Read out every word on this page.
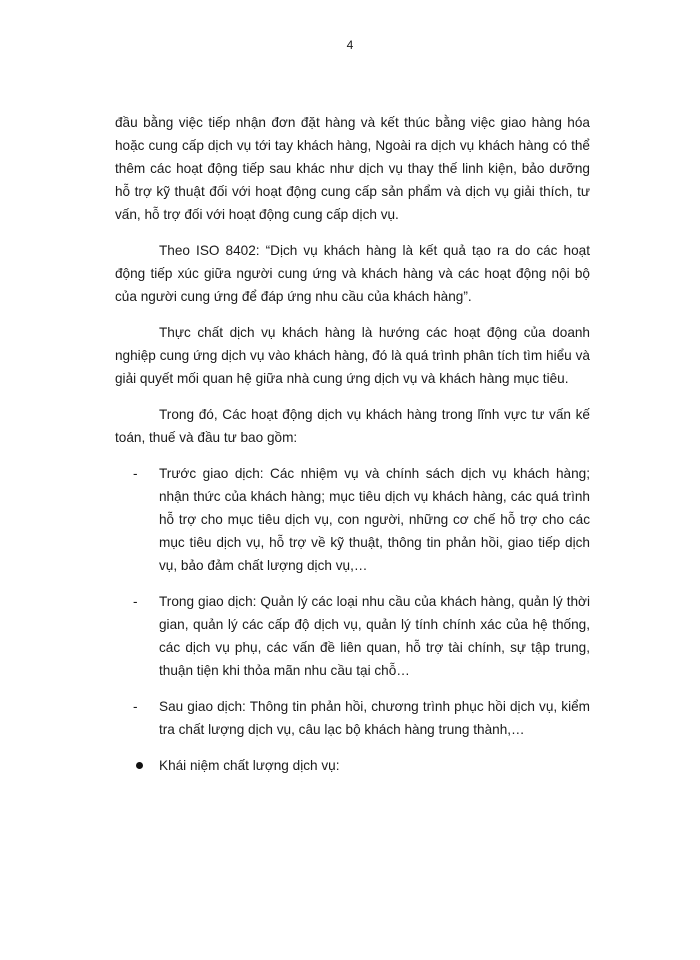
4

đầu bằng việc tiếp nhận đơn đặt hàng và kết thúc bằng việc giao hàng hóa hoặc cung cấp dịch vụ tới tay khách hàng, Ngoài ra dịch vụ khách hàng có thể thêm các hoạt động tiếp sau khác như dịch vụ thay thế linh kiện, bảo dưỡng hỗ trợ kỹ thuật đối với hoạt động cung cấp sản phẩm và dịch vụ giải thích, tư vấn, hỗ trợ đối với hoạt động cung cấp dịch vụ.

Theo ISO 8402: “Dịch vụ khách hàng là kết quả tạo ra do các hoạt động tiếp xúc giữa người cung ứng và khách hàng và các hoạt động nội bộ của người cung ứng để đáp ứng nhu cầu của khách hàng”.

Thực chất dịch vụ khách hàng là hướng các hoạt động của doanh nghiệp cung ứng dịch vụ vào khách hàng, đó là quá trình phân tích tìm hiểu và giải quyết mối quan hệ giữa nhà cung ứng dịch vụ và khách hàng mục tiêu.

Trong đó, Các hoạt động dịch vụ khách hàng trong lĩnh vực tư vấn kế toán, thuế và đầu tư bao gồm:

- Trước giao dịch: Các nhiệm vụ và chính sách dịch vụ khách hàng; nhận thức của khách hàng; mục tiêu dịch vụ khách hàng, các quá trình hỗ trợ cho mục tiêu dịch vụ, con người, những cơ chế hỗ trợ cho các mục tiêu dịch vụ, hỗ trợ về kỹ thuật, thông tin phản hồi, giao tiếp dịch vụ, bảo đảm chất lượng dịch vụ,…
- Trong giao dịch: Quản lý các loại nhu cầu của khách hàng, quản lý thời gian, quản lý các cấp độ dịch vụ, quản lý tính chính xác của hệ thống, các dịch vụ phụ, các vấn đề liên quan, hỗ trợ tài chính, sự tập trung, thuận tiện khi thỏa mãn nhu cầu tại chỗ…
- Sau giao dịch: Thông tin phản hồi, chương trình phục hồi dịch vụ, kiểm tra chất lượng dịch vụ, câu lạc bộ khách hàng trung thành,…
Khái niệm chất lượng dịch vụ:
